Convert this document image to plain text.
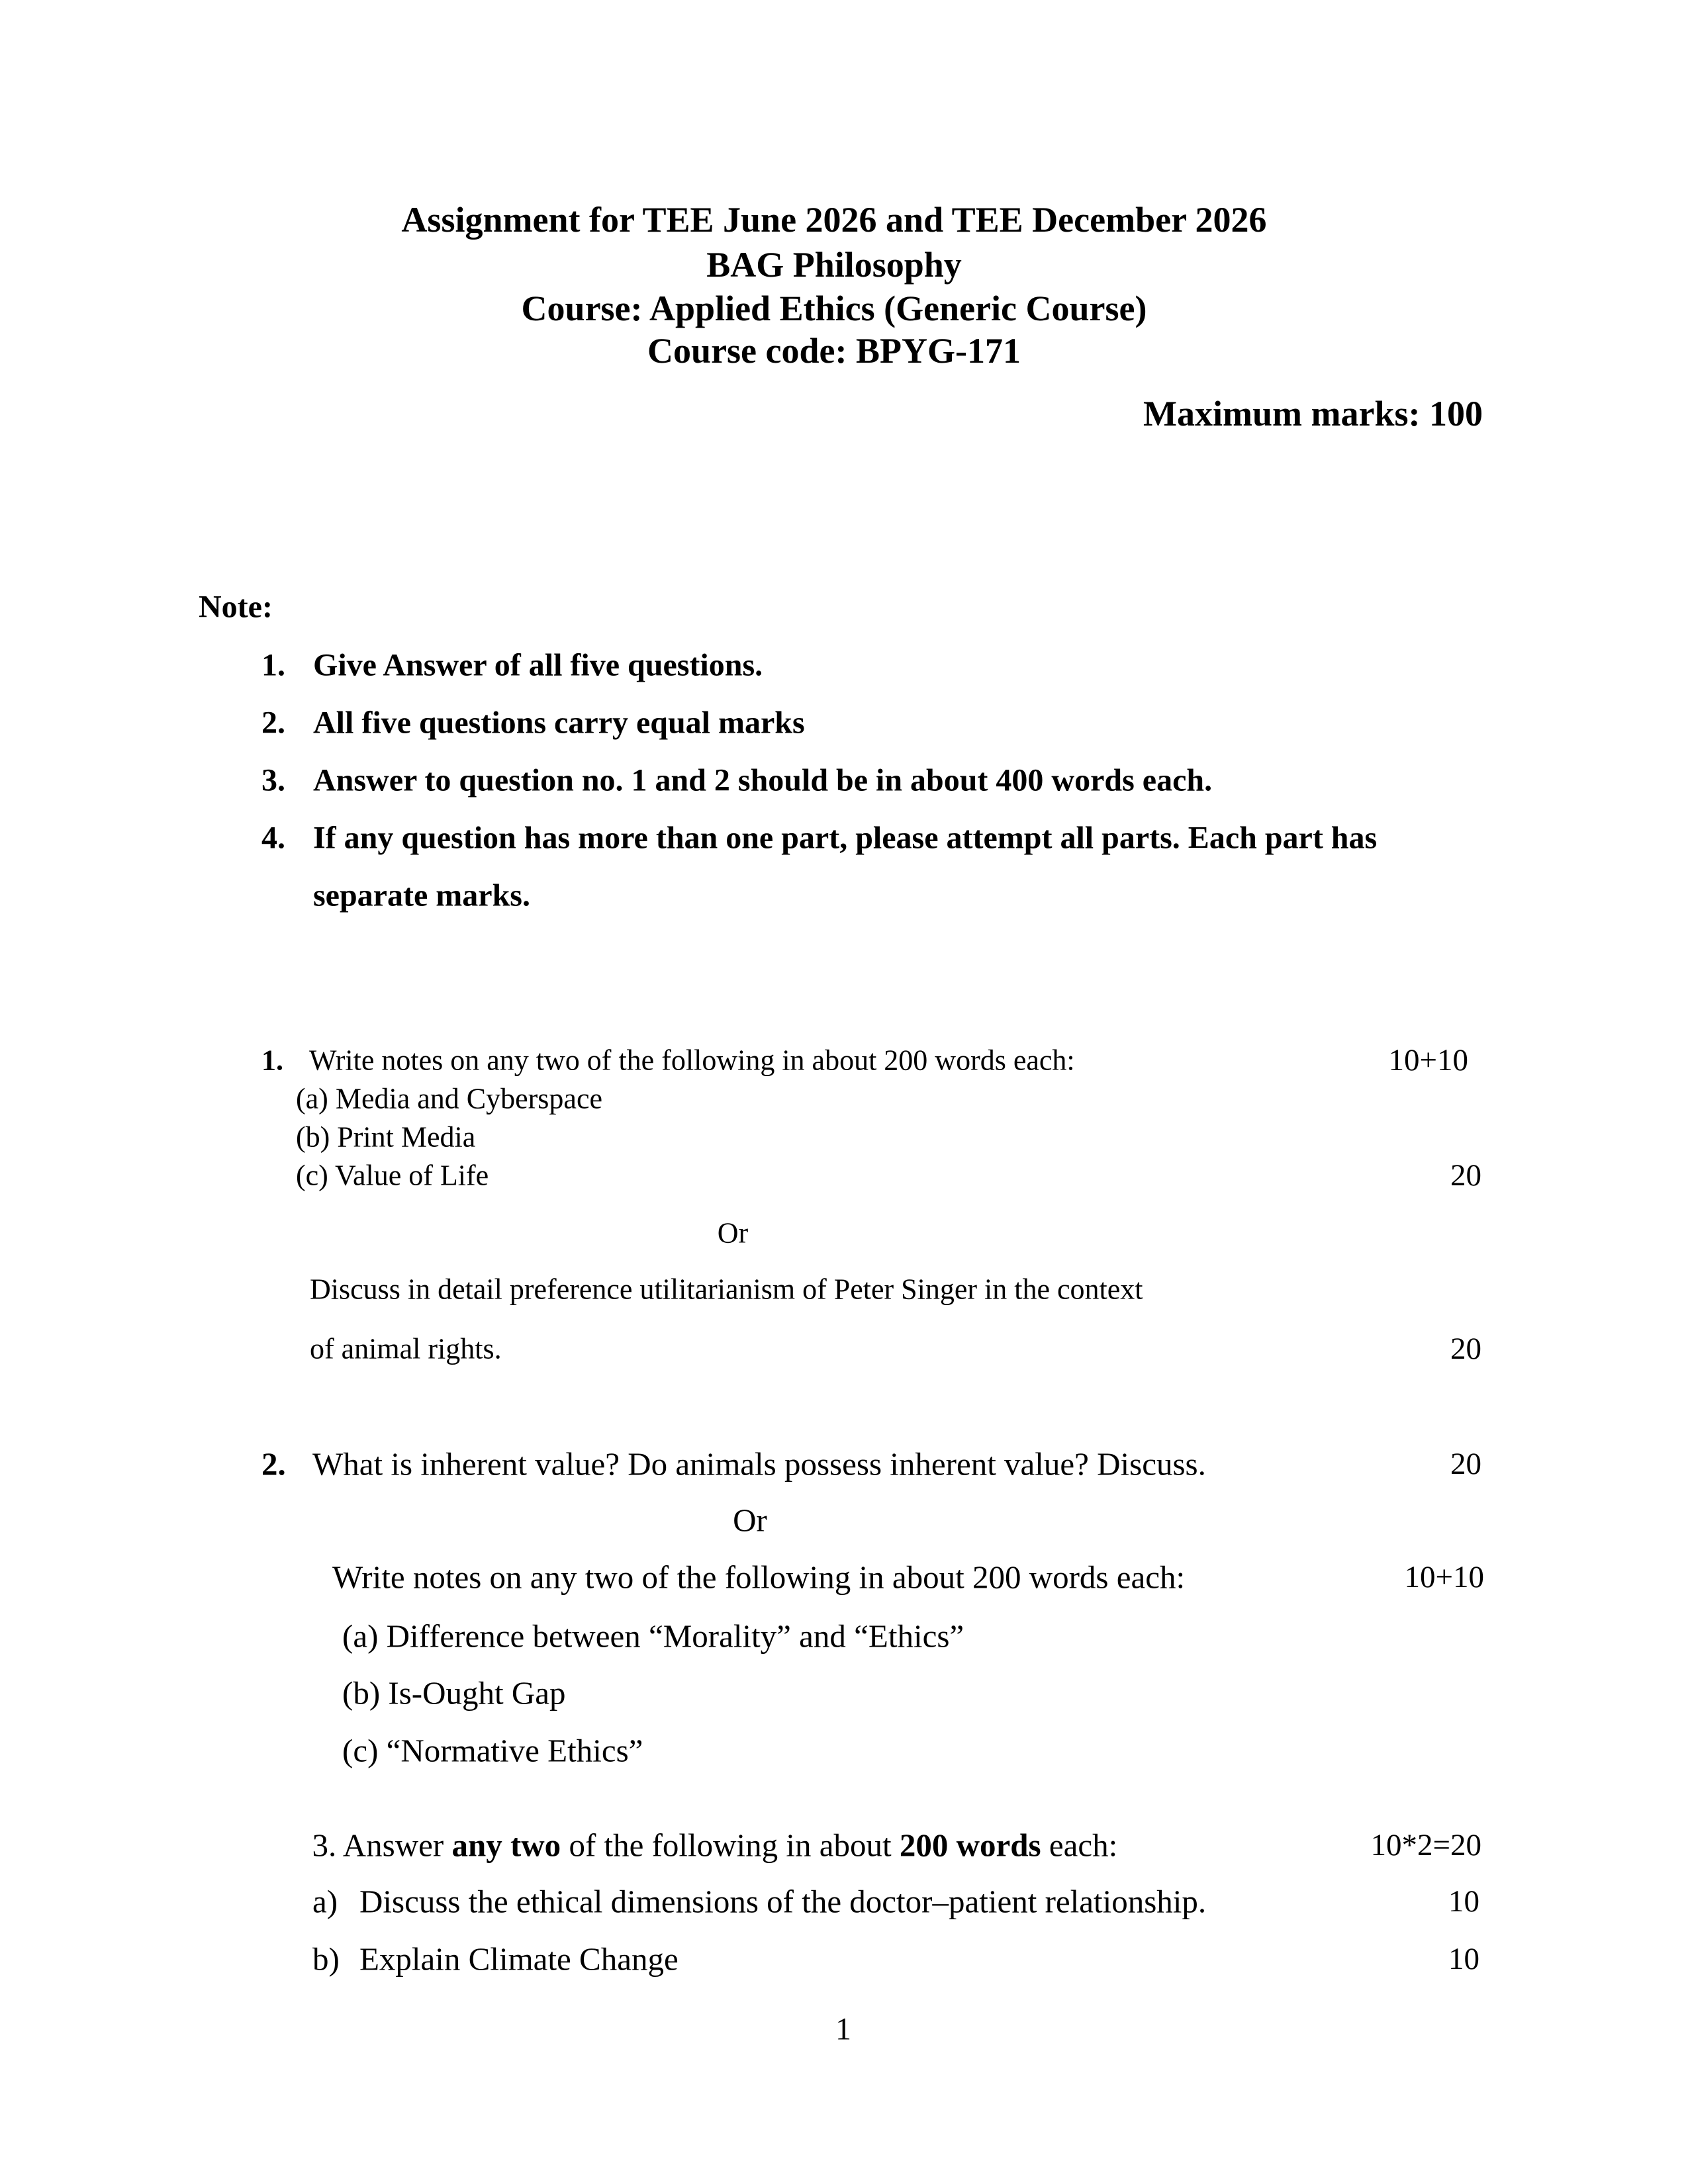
Assignment for TEE June 2026 and TEE December 2026
BAG Philosophy
Course: Applied Ethics (Generic Course)
Course code: BPYG-171
Maximum marks: 100
Note:
1. Give Answer of all five questions.
2. All five questions carry equal marks
3. Answer to question no. 1 and 2 should be in about 400 words each.
4. If any question has more than one part, please attempt all parts. Each part has
separate marks.
1. Write notes on any two of the following in about 200 words each:	10+10
(a) Media and Cyberspace
(b) Print Media
(c) Value of Life	20
Or
Discuss in detail preference utilitarianism of Peter Singer in the context
of animal rights.	20
2. What is inherent value? Do animals possess inherent value? Discuss.	20
Or
Write notes on any two of the following in about 200 words each:	10+10
(a) Difference between “Morality” and “Ethics”
(b) Is-Ought Gap
(c) “Normative Ethics”

3. Answer any two of the following in about 200 words each:
	10*2=20
a) Discuss the ethical dimensions of the doctor–patient relationship.	10
b) Explain Climate Change	10
1
